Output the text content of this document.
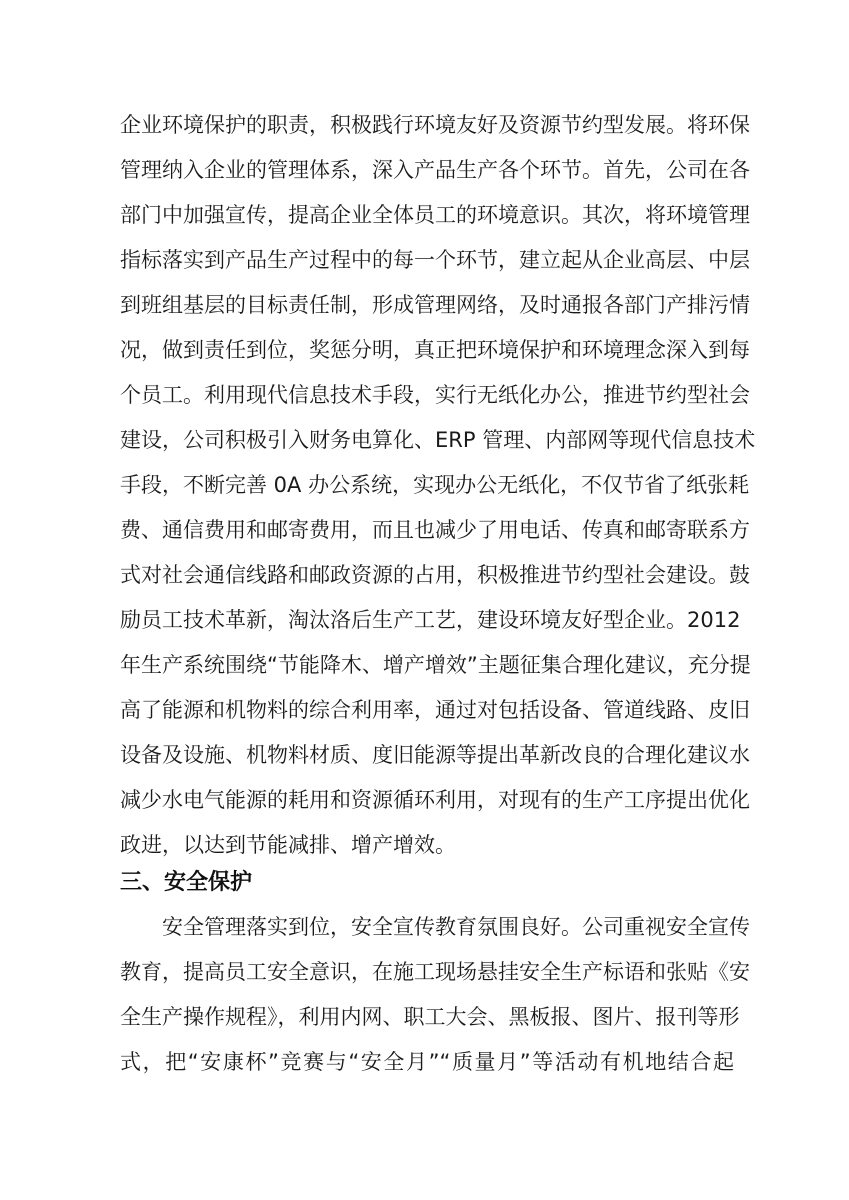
企业环境保护的职责，积极践行环境友好及资源节约型发展。将环保
管理纳入企业的管理体系，深入产品生产各个环节。首先，公司在各
部门中加强宣传，提高企业全体员工的环境意识。其次，将环境管理
指标落实到产品生产过程中的每一个环节，建立起从企业高层、中层
到班组基层的目标责任制，形成管理网络，及时通报各部门产排污情
况，做到责任到位，奖惩分明，真正把环境保护和环境理念深入到每
个员工。利用现代信息技术手段，实行无纸化办公，推进节约型社会
建设，公司积极引入财务电算化、ERP 管理、内部网等现代信息技术
手段，不断完善 0A 办公系统，实现办公无纸化，不仅节省了纸张耗
费、通信费用和邮寄费用，而且也减少了用电话、传真和邮寄联系方
式对社会通信线路和邮政资源的占用，积极推进节约型社会建设。鼓
励员工技术革新，淘汰洛后生产工艺，建设环境友好型企业。2012
年生产系统围绕“节能降木、增产增效”主题征集合理化建议，充分提
高了能源和机物料的综合利用率，通过对包括设备、管道线路、皮旧
设备及设施、机物料材质、度旧能源等提出革新改良的合理化建议水
减少水电气能源的耗用和资源循环利用，对现有的生产工序提出优化
政进，以达到节能减排、增产增效。
三、安全保护
安全管理落实到位，安全宣传教育氛围良好。公司重视安全宣传
教育，提高员工安全意识，在施工现场悬挂安全生产标语和张贴《安
全生产操作规程》，利用内网、职工大会、黑板报、图片、报刊等形
式，把“安康杯”竞赛与“安全月”“质量月”等活动有机地结合起
